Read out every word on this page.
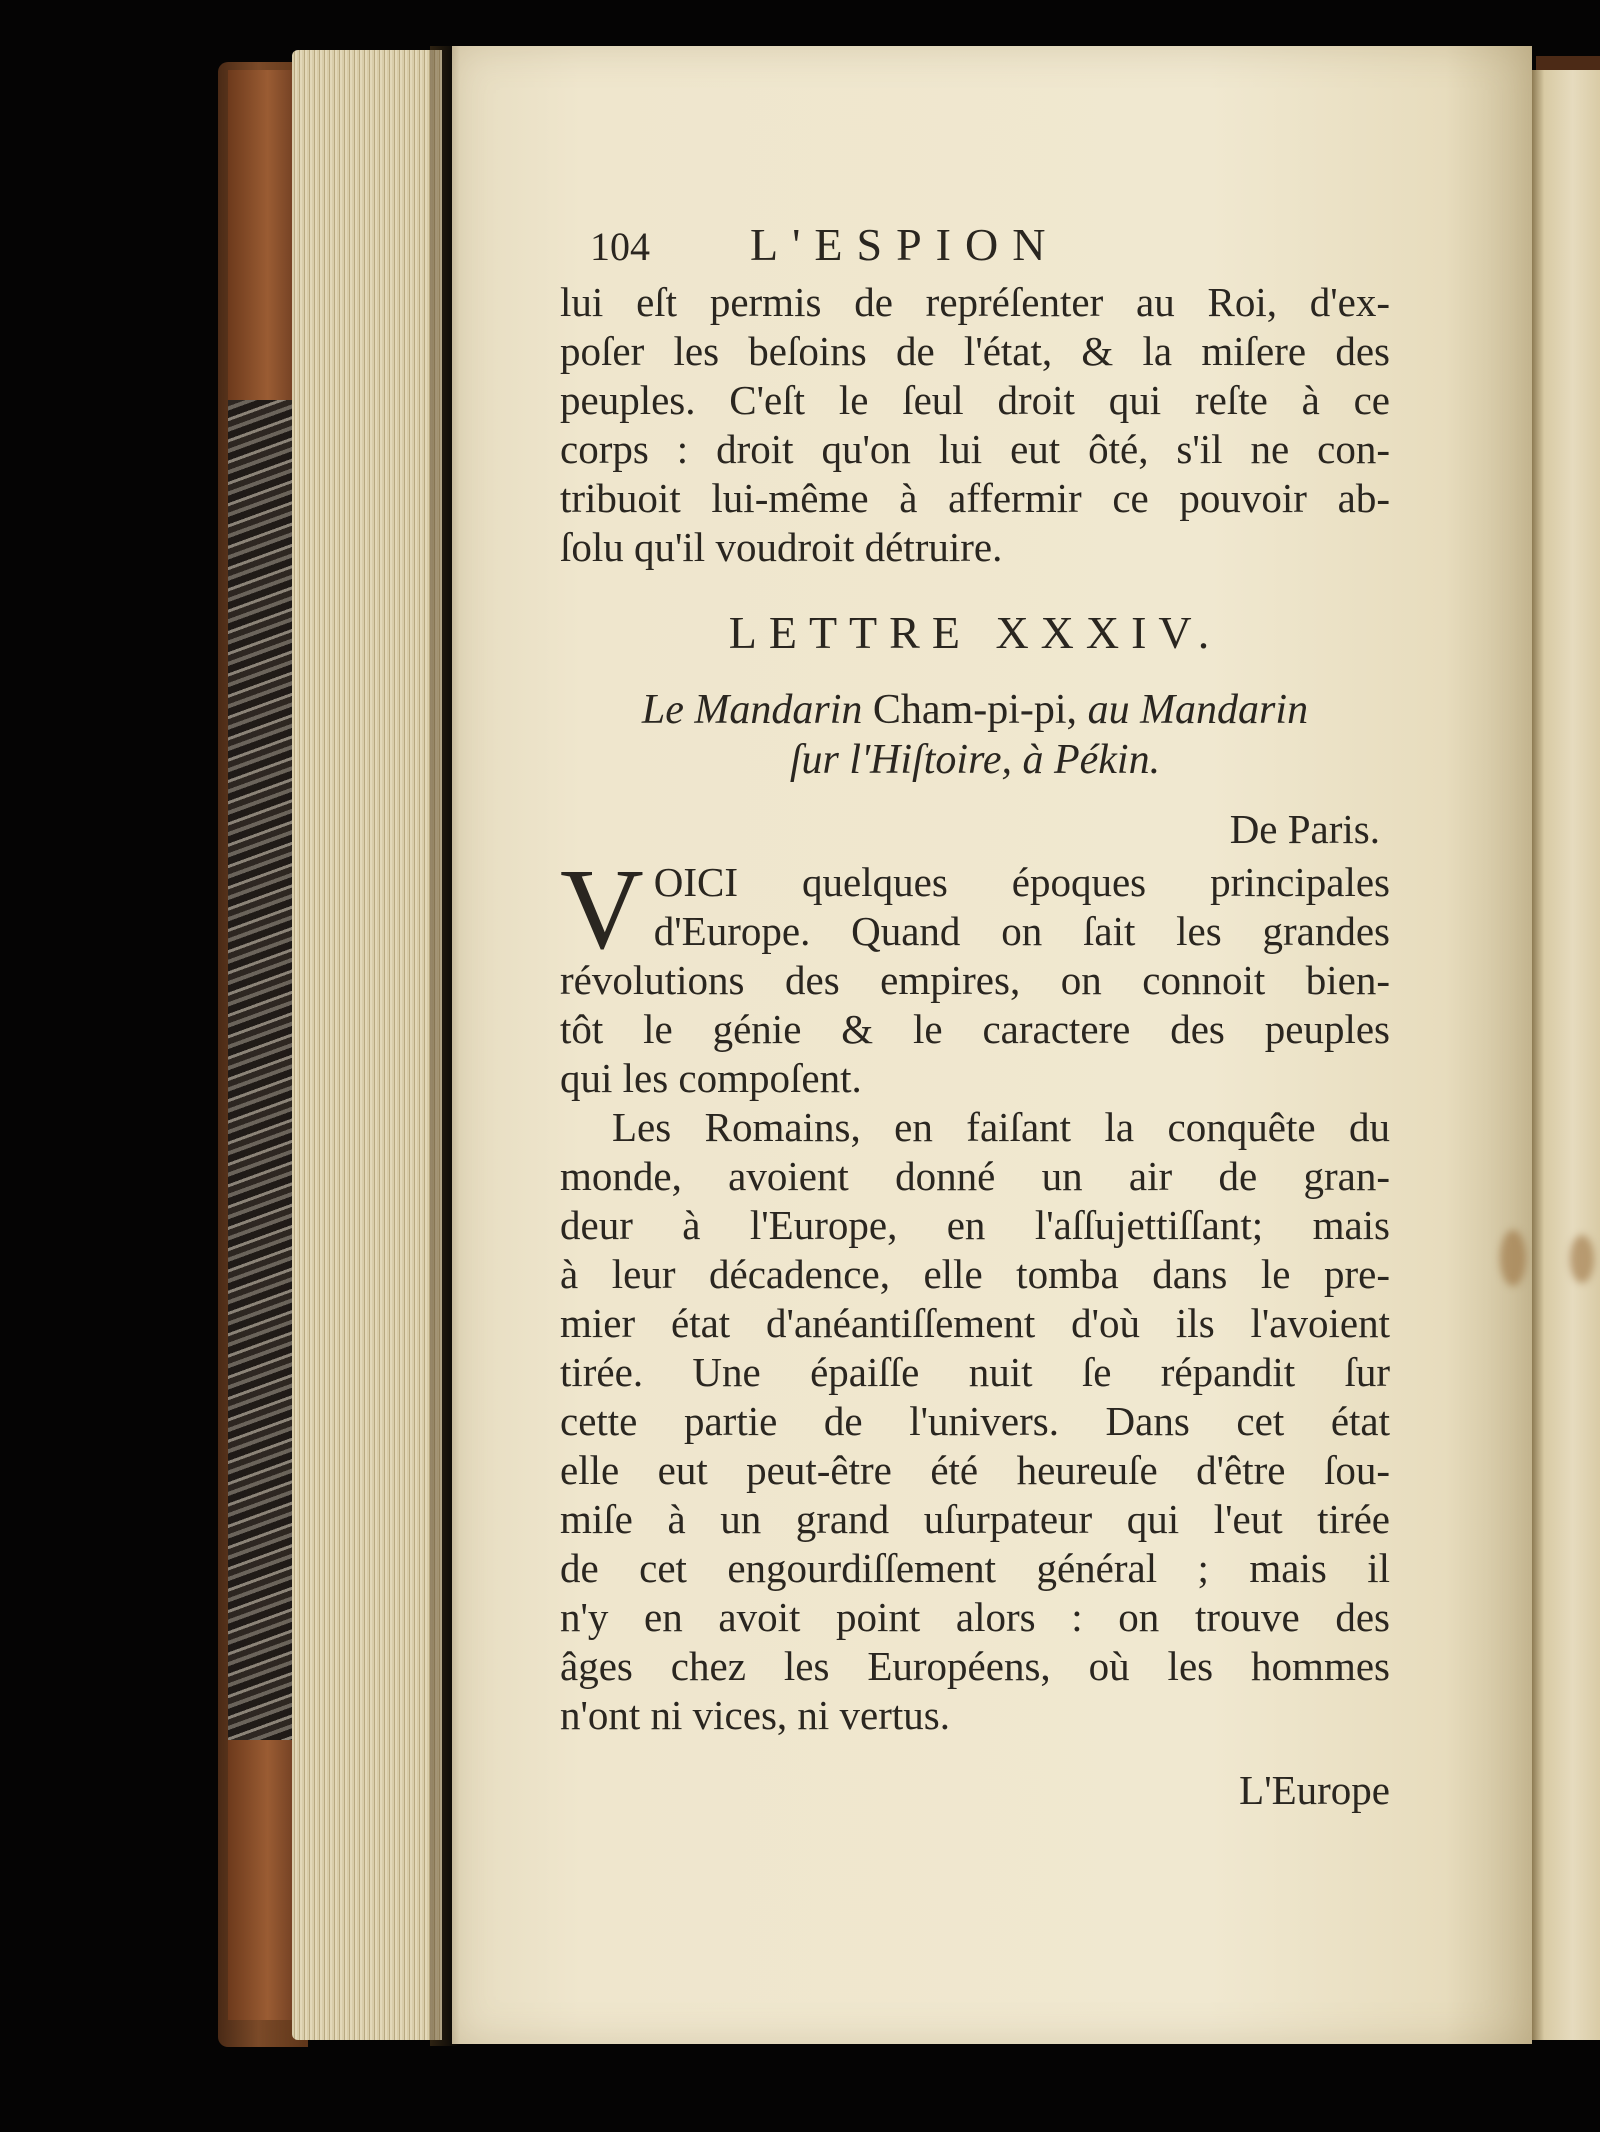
104	L'ESPION

lui eſt permis de repréſenter au Roi, d'ex-
poſer les beſoins de l'état, & la miſere des
peuples. C'eſt le ſeul droit qui reſte à ce
corps : droit qu'on lui eut ôté, s'il ne con-
tribuoit lui-même à affermir ce pouvoir ab-
ſolu qu'il voudroit détruire.

LETTRE XXXIV.
Le Mandarin Cham-pi-pi, au Mandarin
ſur l'Hiſtoire, à Pékin.
De Paris.

V OICI quelques époques principales
d'Europe. Quand on ſait les grandes
révolutions des empires, on connoit bien-
tôt le génie & le caractere des peuples
qui les compoſent.

Les Romains, en faiſant la conquête du
monde, avoient donné un air de gran-
deur à l'Europe, en l'aſſujettiſſant; mais
à leur décadence, elle tomba dans le pre-
mier état d'anéantiſſement d'où ils l'avoient
tirée. Une épaiſſe nuit ſe répandit ſur
cette partie de l'univers. Dans cet état
elle eut peut-être été heureuſe d'être ſou-
miſe à un grand uſurpateur qui l'eut tirée
de cet engourdiſſement général ; mais il
n'y en avoit point alors : on trouve des
âges chez les Européens, où les hommes
n'ont ni vices, ni vertus.

L'Europe
